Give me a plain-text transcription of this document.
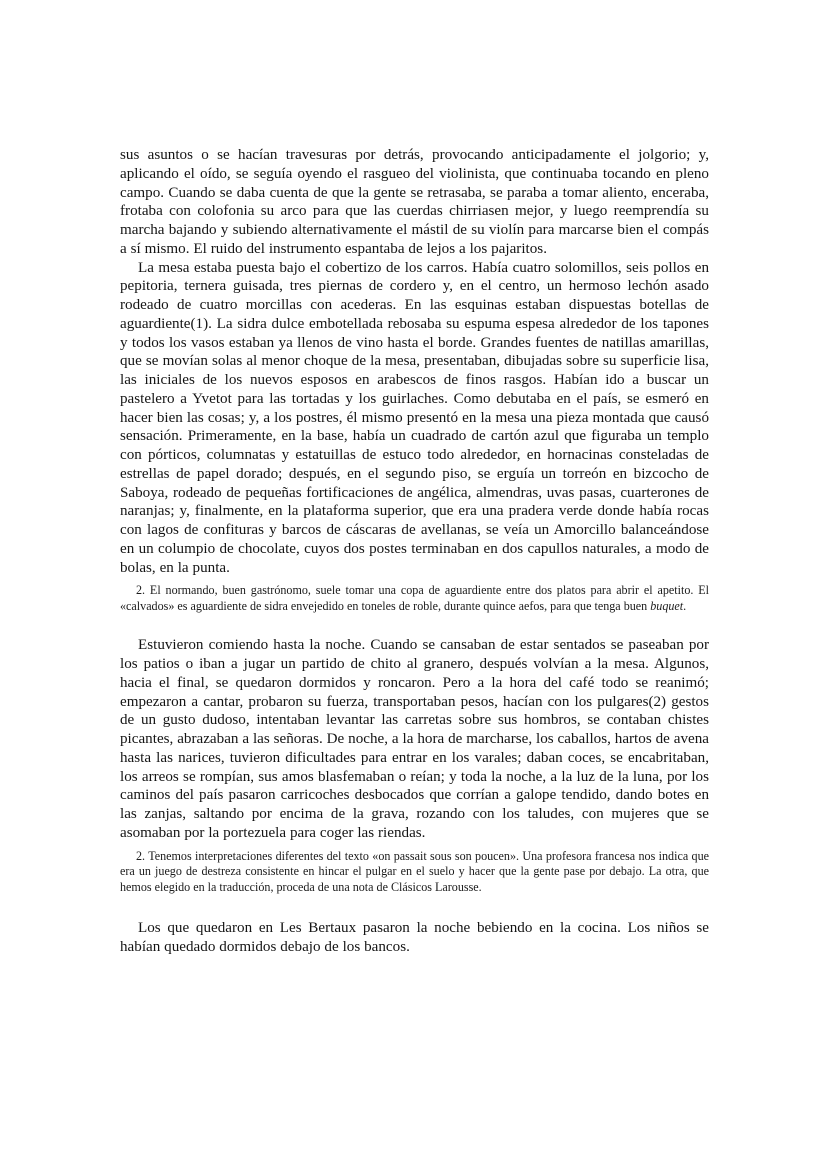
sus asuntos o se hacían travesuras por detrás, provocando anticipadamente el jolgorio; y, aplicando el oído, se seguía oyendo el rasgueo del violinista, que continuaba tocando en pleno campo. Cuando se daba cuenta de que la gente se retrasaba, se paraba a tomar aliento, enceraba, frotaba con colofonia su arco para que las cuerdas chirriasen mejor, y luego reemprendía su marcha bajando y subiendo alternativamente el mástil de su violín para marcarse bien el compás a sí mismo. El ruido del instrumento espantaba de lejos a los pajaritos.

La mesa estaba puesta bajo el cobertizo de los carros. Había cuatro solomillos, seis pollos en pepitoria, ternera guisada, tres piernas de cordero y, en el centro, un hermoso lechón asado rodeado de cuatro morcillas con acederas. En las esquinas estaban dispuestas botellas de aguardiente(1). La sidra dulce embotellada rebosaba su espuma espesa alrededor de los tapones y todos los vasos estaban ya llenos de vino hasta el borde. Grandes fuentes de natillas amarillas, que se movían solas al menor choque de la mesa, presentaban, dibujadas sobre su superficie lisa, las iniciales de los nuevos esposos en arabescos de finos rasgos. Habían ido a buscar un pastelero a Yvetot para las tortadas y los guirlaches. Como debutaba en el país, se esmeró en hacer bien las cosas; y, a los postres, él mismo presentó en la mesa una pieza montada que causó sensación. Primeramente, en la base, había un cuadrado de cartón azul que figuraba un templo con pórticos, columnatas y estatuillas de estuco todo alrededor, en hornacinas consteladas de estrellas de papel dorado; después, en el segundo piso, se erguía un torreón en bizcocho de Saboya, rodeado de pequeñas fortificaciones de angélica, almendras, uvas pasas, cuarterones de naranjas; y, finalmente, en la plataforma superior, que era una pradera verde donde había rocas con lagos de confituras y barcos de cáscaras de avellanas, se veía un Amorcillo balanceándose en un columpio de chocolate, cuyos dos postes terminaban en dos capullos naturales, a modo de bolas, en la punta.

2. El normando, buen gastrónomo, suele tomar una copa de aguardiente entre dos platos para abrir el apetito. El «calvados» es aguardiente de sidra envejedido en toneles de roble, durante quince aefos, para que tenga buen buquet.

Estuvieron comiendo hasta la noche. Cuando se cansaban de estar sentados se paseaban por los patios o iban a jugar un partido de chito al granero, después volvían a la mesa. Algunos, hacia el final, se quedaron dormidos y roncaron. Pero a la hora del café todo se reanimó; empezaron a cantar, probaron su fuerza, transportaban pesos, hacían con los pulgares(2) gestos de un gusto dudoso, intentaban levantar las carretas sobre sus hombros, se contaban chistes picantes, abrazaban a las señoras. De noche, a la hora de marcharse, los caballos, hartos de avena hasta las narices, tuvieron dificultades para entrar en los varales; daban coces, se encabritaban, los arreos se rompían, sus amos blasfemaban o reían; y toda la noche, a la luz de la luna, por los caminos del país pasaron carricoches desbocados que corrían a galope tendido, dando botes en las zanjas, saltando por encima de la grava, rozando con los taludes, con mujeres que se asomaban por la portezuela para coger las riendas.

2. Tenemos interpretaciones diferentes del texto «on passait sous son poucen». Una profesora francesa nos indica que era un juego de destreza consistente en hincar el pulgar en el suelo y hacer que la gente pase por debajo. La otra, que hemos elegido en la traducción, proceda de una nota de Clásicos Larousse.

Los que quedaron en Les Bertaux pasaron la noche bebiendo en la cocina. Los niños se habían quedado dormidos debajo de los bancos.
